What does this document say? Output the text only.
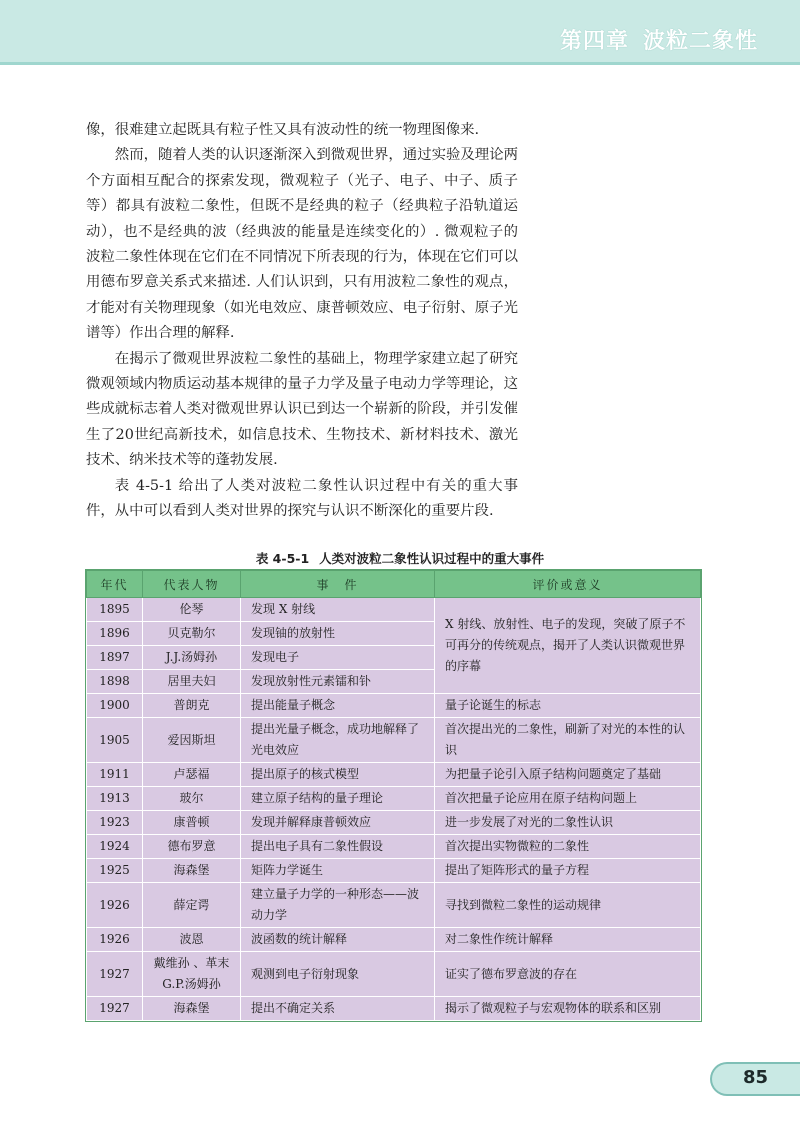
第四章 波粒二象性

像，很难建立起既具有粒子性又具有波动性的统一物理图像来.

然而，随着人类的认识逐渐深入到微观世界，通过实验及理论两个方面相互配合的探索发现，微观粒子（光子、电子、中子、质子等）都具有波粒二象性，但既不是经典的粒子（经典粒子沿轨道运动），也不是经典的波（经典波的能量是连续变化的）. 微观粒子的波粒二象性体现在它们在不同情况下所表现的行为，体现在它们可以用德布罗意关系式来描述. 人们认识到，只有用波粒二象性的观点，才能对有关物理现象（如光电效应、康普顿效应、电子衍射、原子光谱等）作出合理的解释.

在揭示了微观世界波粒二象性的基础上，物理学家建立起了研究微观领域内物质运动基本规律的量子力学及量子电动力学等理论，这些成就标志着人类对微观世界认识已到达一个崭新的阶段，并引发催生了20世纪高新技术，如信息技术、生物技术、新材料技术、激光技术、纳米技术等的蓬勃发展.

表 4-5-1 给出了人类对波粒二象性认识过程中有关的重大事件，从中可以看到人类对世界的探究与认识不断深化的重要片段.

表 4-5-1 人类对波粒二象性认识过程中的重大事件
年代	代表人物	事　件	评价或意义
1895	伦琴	发现 X 射线	X 射线、放射性、电子的发现，突破了原子不可再分的传统观点，揭开了人类认识微观世界的序幕
1896	贝克勒尔	发现铀的放射性	
1897	J.J.汤姆孙	发现电子	
1898	居里夫妇	发现放射性元素镭和钋	
1900	普朗克	提出能量子概念	量子论诞生的标志
1905	爱因斯坦	提出光量子概念，成功地解释了光电效应	首次提出光的二象性，刷新了对光的本性的认识
1911	卢瑟福	提出原子的核式模型	为把量子论引入原子结构问题奠定了基础
1913	玻尔	建立原子结构的量子理论	首次把量子论应用在原子结构问题上
1923	康普顿	发现并解释康普顿效应	进一步发展了对光的二象性认识
1924	德布罗意	提出电子具有二象性假设	首次提出实物微粒的二象性
1925	海森堡	矩阵力学诞生	提出了矩阵形式的量子方程
1926	薛定谔	建立量子力学的一种形态——波动力学	寻找到微粒二象性的运动规律
1926	波恩	波函数的统计解释	对二象性作统计解释
1927	戴维孙 、革末 G.P.汤姆孙	观测到电子衍射现象	证实了德布罗意波的存在
1927	海森堡	提出不确定关系	揭示了微观粒子与宏观物体的联系和区别
85
